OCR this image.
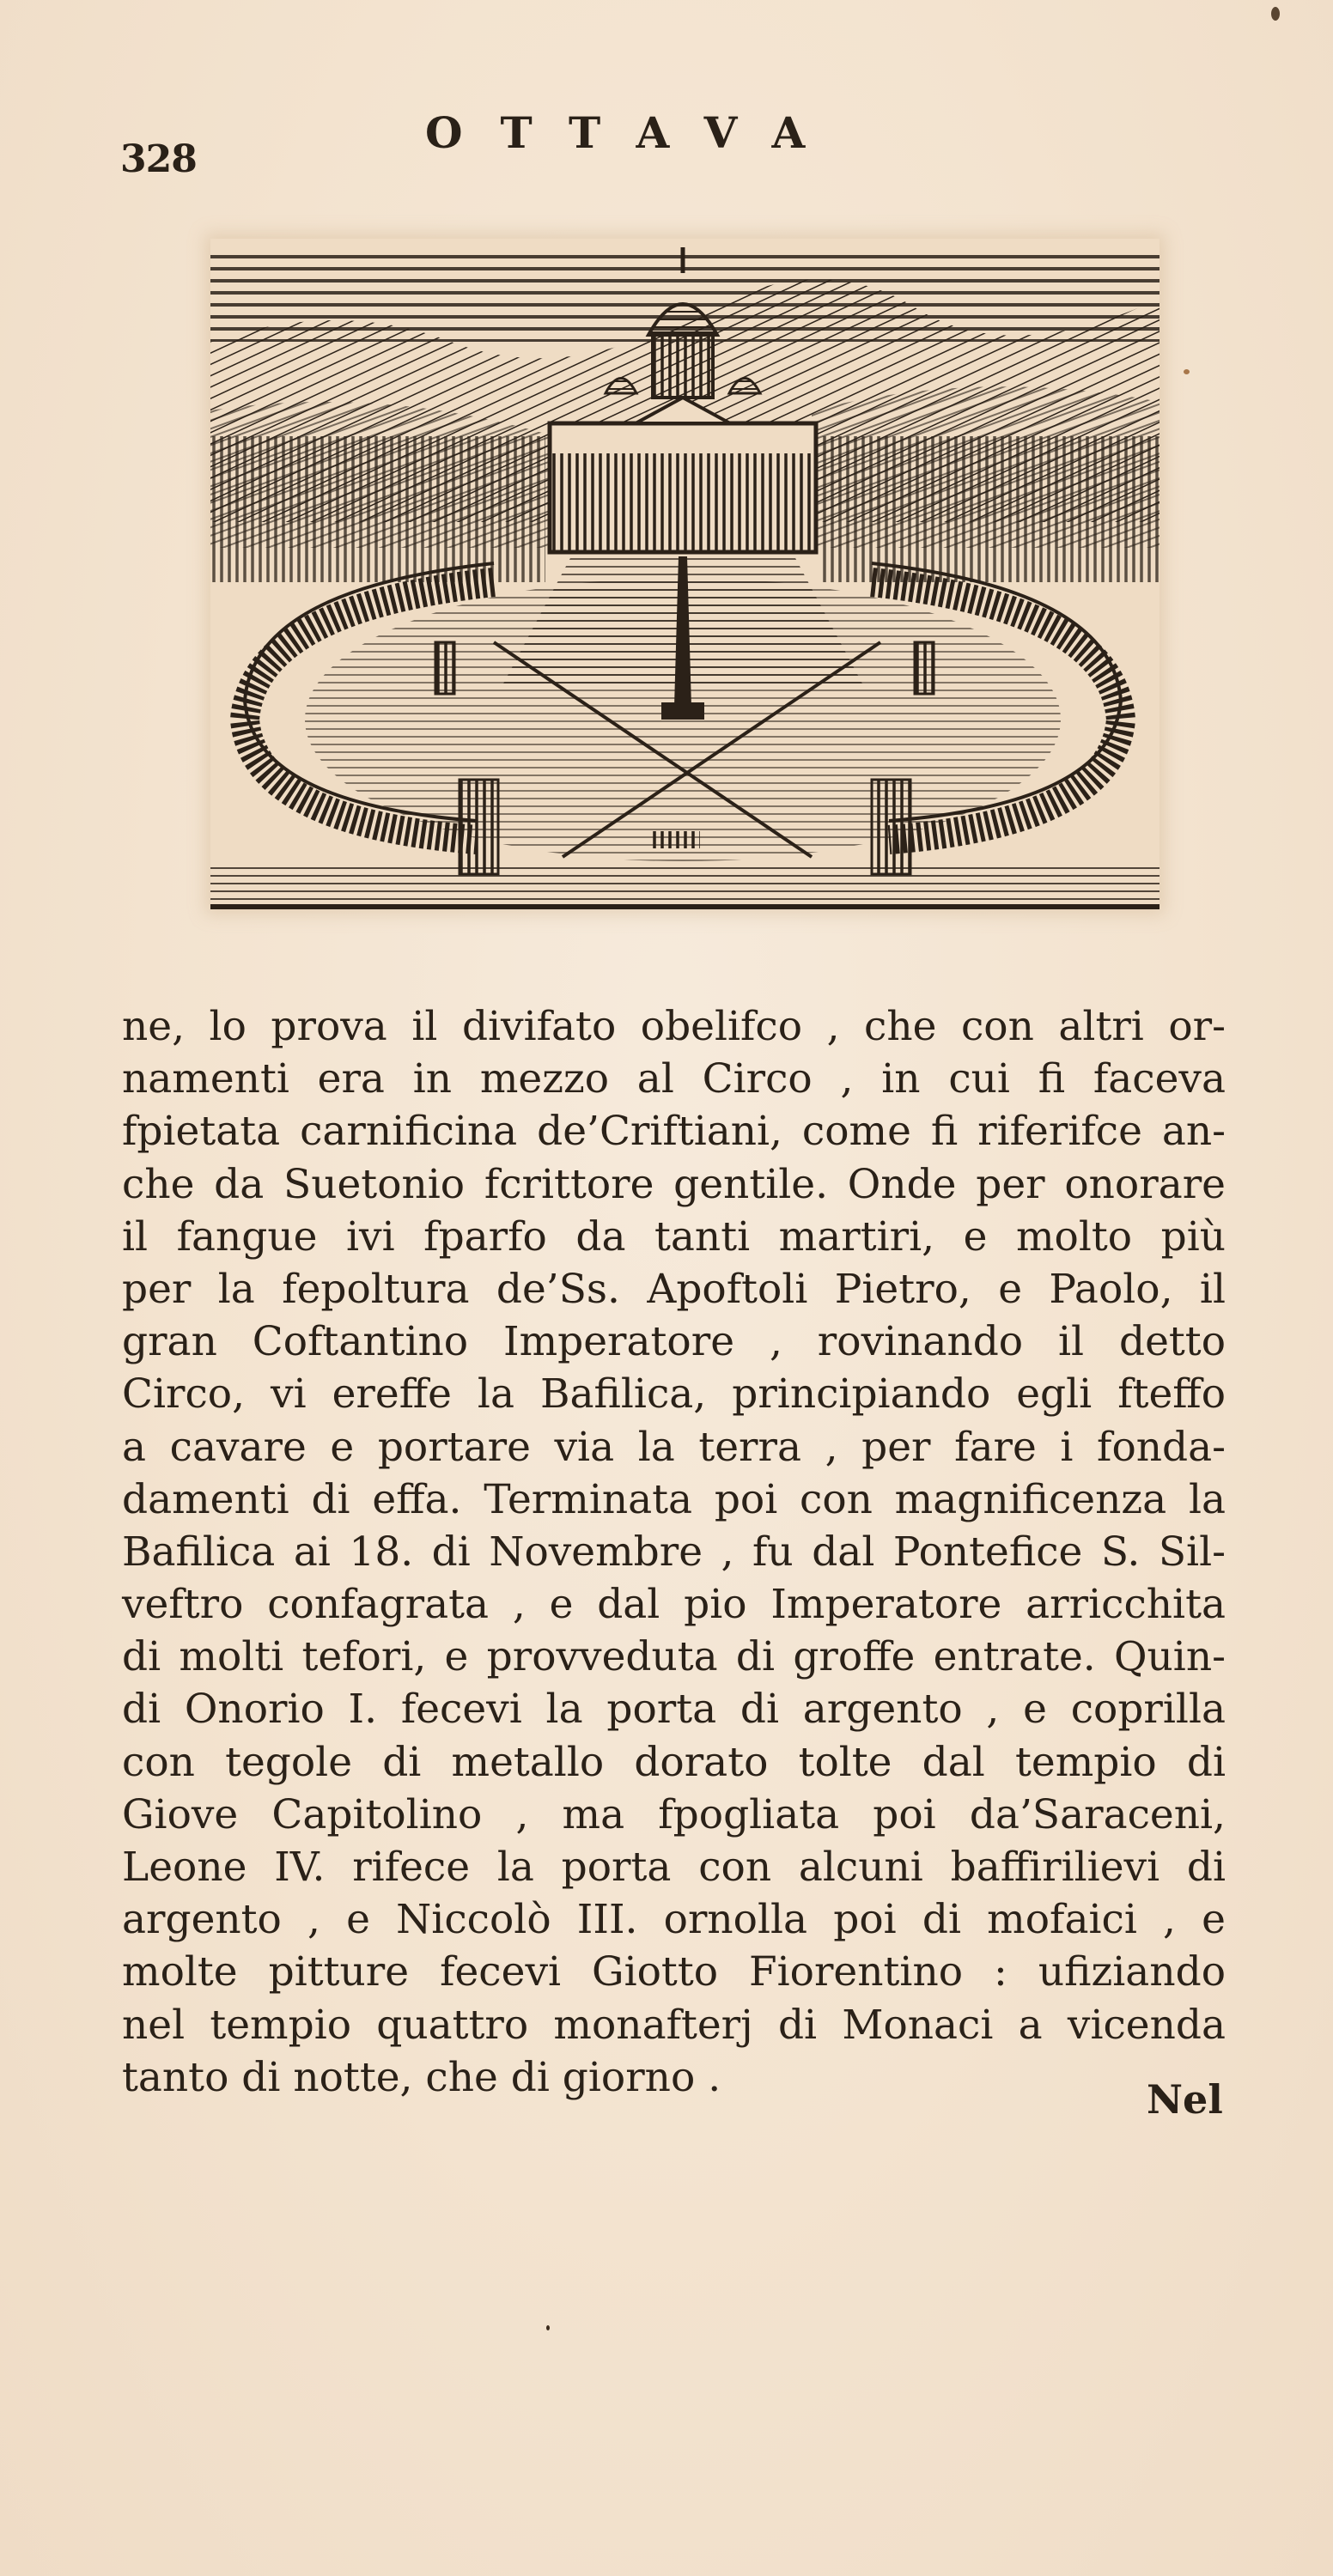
328
OTTAVA
ne, lo prova il divifato obelifco , che con altri or-
namenti era in mezzo al Circo , in cui fi faceva
fpietata carnificina de’Criftiani, come fi riferifce an-
che da Suetonio fcrittore gentile. Onde per onorare
il fangue ivi fparfo da tanti martiri, e molto più
per la fepoltura de’Ss. Apoftoli Pietro, e Paolo, il
gran Coftantino Imperatore , rovinando il detto
Circo, vi ereffe la Bafilica, principiando egli fteffo
a cavare e portare via la terra , per fare i fonda-
damenti di effa. Terminata poi con magnificenza la
Bafilica ai 18. di Novembre , fu dal Pontefice S. Sil-
veftro confagrata , e dal pio Imperatore arricchita
di molti tefori, e provveduta di groffe entrate. Quin-
di Onorio I. fecevi la porta di argento , e coprilla
con tegole di metallo dorato tolte dal tempio di
Giove Capitolino , ma fpogliata poi da’Saraceni,
Leone IV. rifece la porta con alcuni baffirilievi di
argento , e Niccolò III. ornolla poi di mofaici , e
molte pitture fecevi Giotto Fiorentino : ufiziando
nel tempio quattro monafterj di Monaci a vicenda
tanto di notte, che di giorno .	Nel
